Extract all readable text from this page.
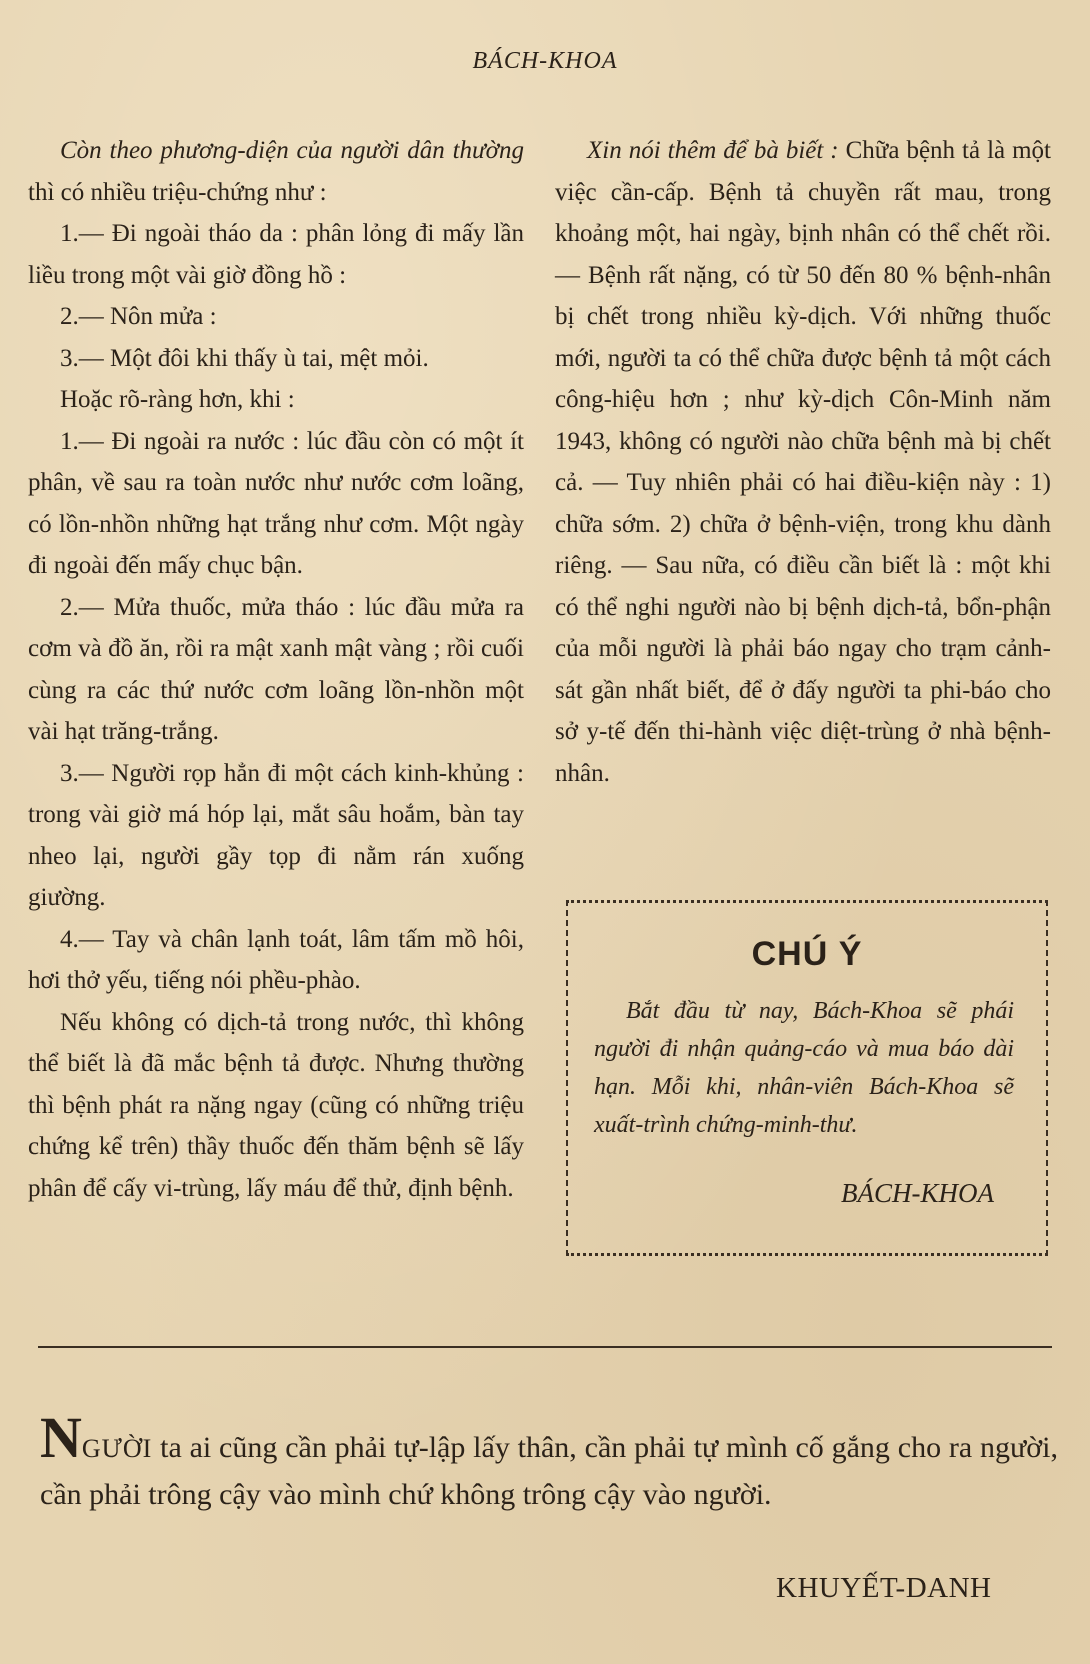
BÁCH-KHOA

Còn theo phương-diện của người dân thường thì có nhiều triệu-chứng như :

1.— Đi ngoài tháo da : phân lỏng đi mấy lần liều trong một vài giờ đồng hồ :

2.— Nôn mửa :

3.— Một đôi khi thấy ù tai, mệt mỏi.

Hoặc rõ-ràng hơn, khi :

1.— Đi ngoài ra nước : lúc đầu còn có một ít phân, về sau ra toàn nước như nước cơm loãng, có lồn-nhồn những hạt trắng như cơm. Một ngày đi ngoài đến mấy chục bận.

2.— Mửa thuốc, mửa tháo : lúc đầu mửa ra cơm và đồ ăn, rồi ra mật xanh mật vàng ; rồi cuối cùng ra các thứ nước cơm loãng lồn-nhồn một vài hạt trăng-trắng.

3.— Người rọp hẳn đi một cách kinh-khủng : trong vài giờ má hóp lại, mắt sâu hoắm, bàn tay nheo lại, người gầy tọp đi nằm rán xuống giường.

4.— Tay và chân lạnh toát, lâm tấm mồ hôi, hơi thở yếu, tiếng nói phều-phào.

Nếu không có dịch-tả trong nước, thì không thể biết là đã mắc bệnh tả được. Nhưng thường thì bệnh phát ra nặng ngay (cũng có những triệu chứng kể trên) thầy thuốc đến thăm bệnh sẽ lấy phân để cấy vi-trùng, lấy máu để thử, định bệnh.

Xin nói thêm để bà biết : Chữa bệnh tả là một việc cần-cấp. Bệnh tả chuyền rất mau, trong khoảng một, hai ngày, bịnh nhân có thể chết rồi. — Bệnh rất nặng, có từ 50 đến 80 % bệnh-nhân bị chết trong nhiều kỳ-dịch. Với những thuốc mới, người ta có thể chữa được bệnh tả một cách công-hiệu hơn ; như kỳ-dịch Côn-Minh năm 1943, không có người nào chữa bệnh mà bị chết cả. — Tuy nhiên phải có hai điều-kiện này : 1) chữa sớm. 2) chữa ở bệnh-viện, trong khu dành riêng. — Sau nữa, có điều cần biết là : một khi có thể nghi người nào bị bệnh dịch-tả, bổn-phận của mỗi người là phải báo ngay cho trạm cảnh-sát gần nhất biết, để ở đấy người ta phi-báo cho sở y-tế đến thi-hành việc diệt-trùng ở nhà bệnh-nhân.

CHÚ Ý
Bắt đầu từ nay, Bách-Khoa sẽ phái người đi nhận quảng-cáo và mua báo dài hạn. Mỗi khi, nhân-viên Bách-Khoa sẽ xuất-trình chứng-minh-thư.
BÁCH-KHOA
NGƯỜI ta ai cũng cần phải tự-lập lấy thân, cần phải tự mình cố gắng cho ra người, cần phải trông cậy vào mình chứ không trông cậy vào người.
KHUYẾT-DANH
